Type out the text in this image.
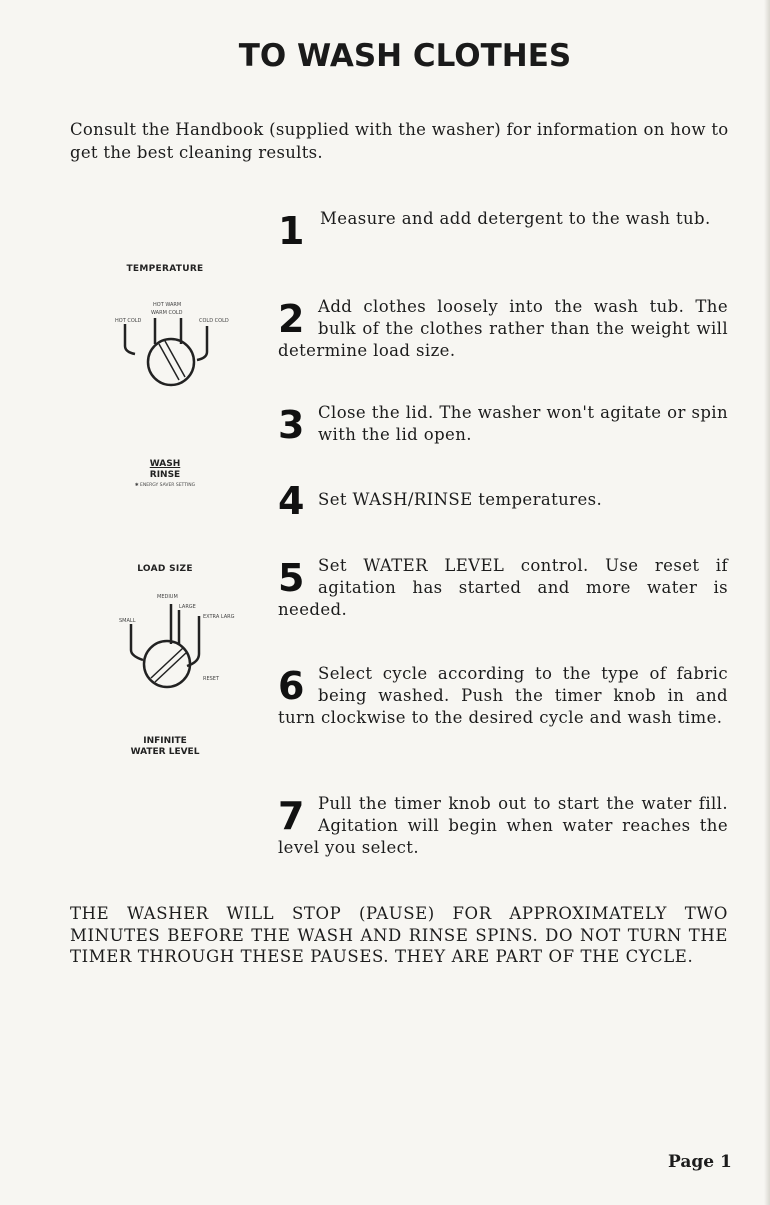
TO WASH CLOTHES
Consult the Handbook (supplied with the washer) for information on how to get the best cleaning results.
TEMPERATURE
HOT WARM
WARM COLD
HOT COLD	COLD COLD
WASH
RINSE
✱ ENERGY SAVER SETTING
LOAD SIZE
MEDIUM
LARGE
SMALL
EXTRA LARGE
RESET
INFINITE
WATER LEVEL
1 Measure and add detergent to the wash tub.
2 Add clothes loosely into the wash tub. The bulk of the clothes rather than the weight will determine load size.
3 Close the lid. The washer won't agitate or spin with the lid open.
4 Set WASH/RINSE temperatures.
5 Set WATER LEVEL control. Use reset if agitation has started and more water is needed.
6 Select cycle according to the type of fabric being washed. Push the timer knob in and turn clockwise to the desired cycle and wash time.
7 Pull the timer knob out to start the water fill. Agitation will begin when water reaches the level you select.
THE WASHER WILL STOP (PAUSE) FOR APPROXIMATELY TWO MINUTES BEFORE THE WASH AND RINSE SPINS. DO NOT TURN THE TIMER THROUGH THESE PAUSES. THEY ARE PART OF THE CYCLE.
Page 1
